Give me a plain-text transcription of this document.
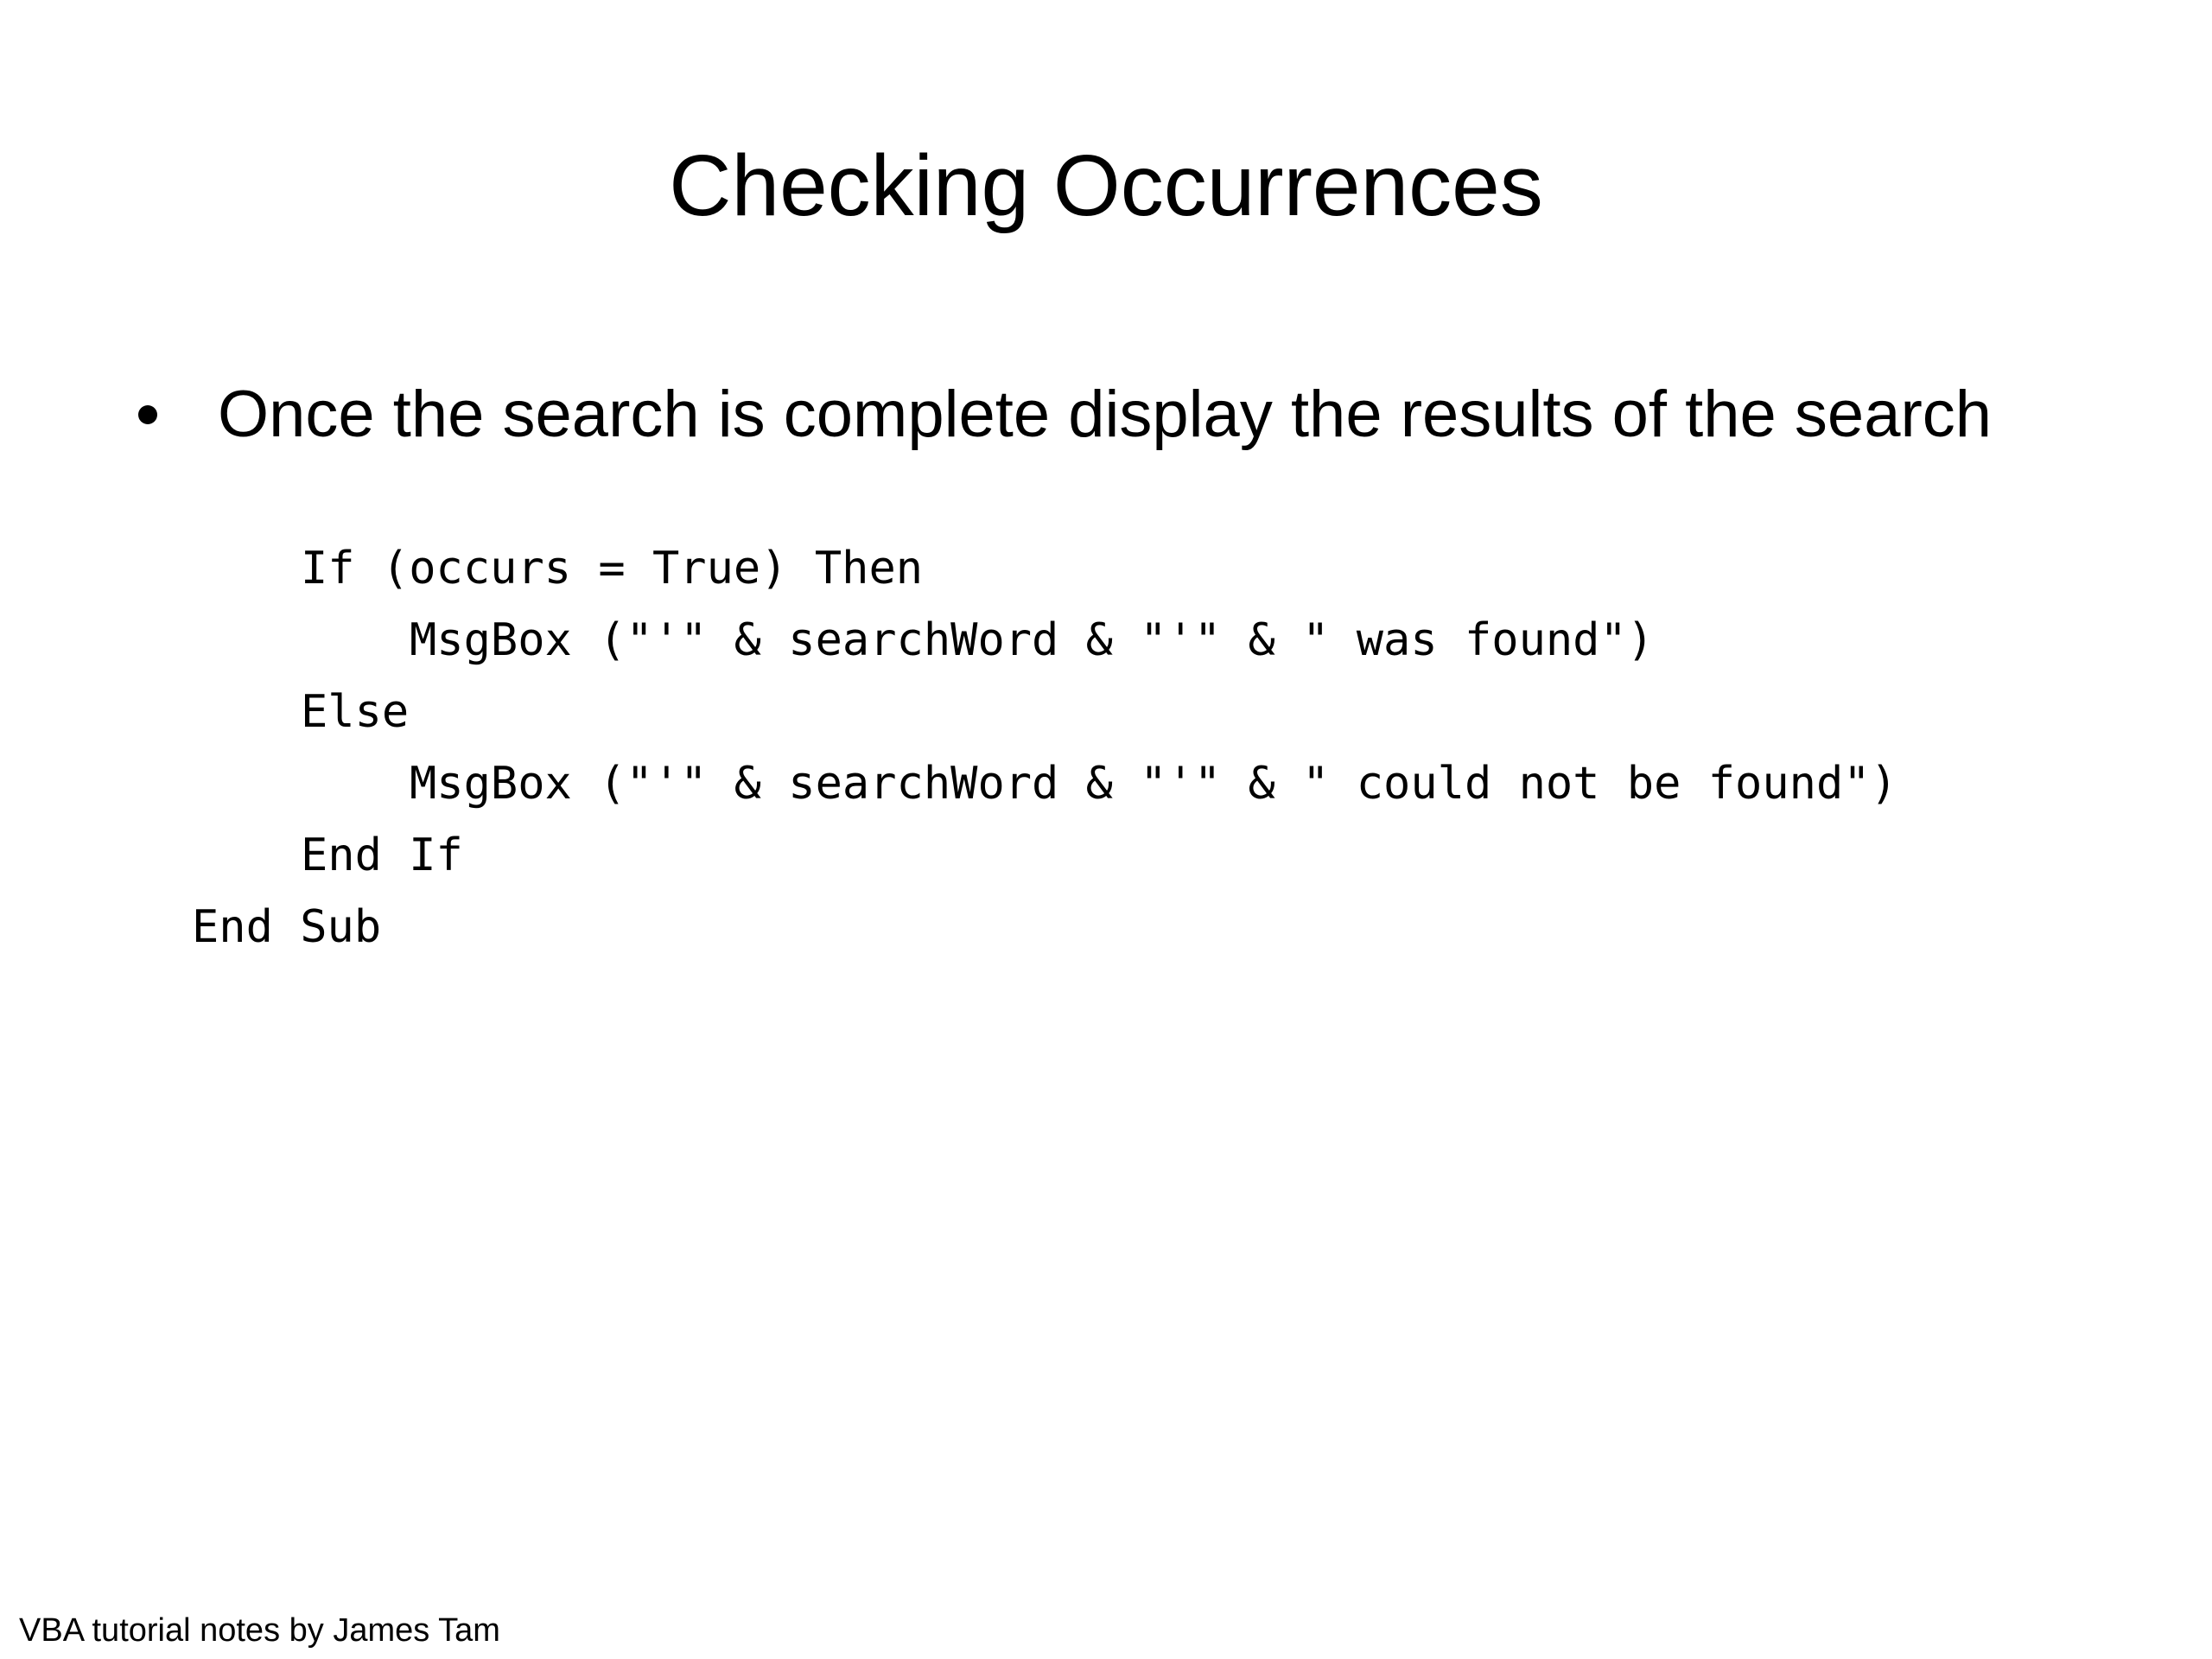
Checking Occurrences
Once the search is complete display the results of the search
If (occurs = True) Then
MsgBox ("'" & searchWord & "'" & " was found")
Else
MsgBox ("'" & searchWord & "'" & " could not be found")
End If
End Sub
VBA tutorial notes by James Tam
